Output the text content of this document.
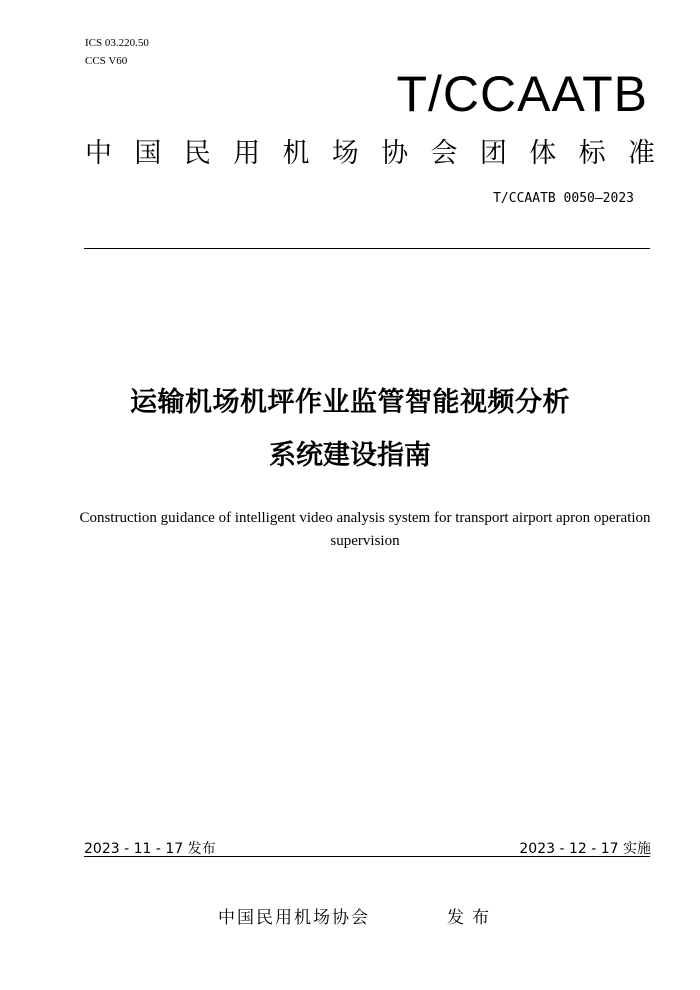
ICS 03.220.50
CCS V60
T/CCAATB
中 国 民 用 机 场 协 会 团 体 标 准
T/CCAATB 0050—2023
运输机场机坪作业监管智能视频分析
系统建设指南
Construction guidance of intelligent video analysis system for transport airport apron operation supervision
2023 - 11 - 17 发布	2023 - 12 - 17 实施
中国民用机场协会	发布
